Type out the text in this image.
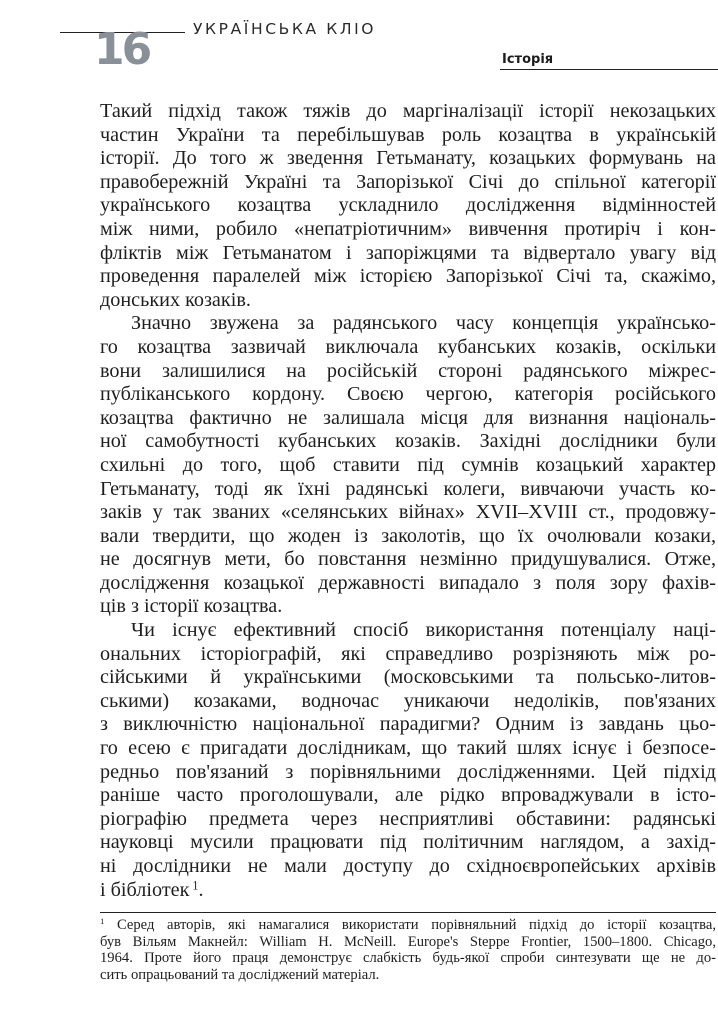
УКРАЇНСЬКА КЛІО
16	Історія
Такий підхід також тяжів до маргіналізації історії некозацьких
частин України та перебільшував роль козацтва в українській
історії. До того ж зведення Гетьманату, козацьких формувань на
правобережній Україні та Запорізької Січі до спільної категорії
українського козацтва ускладнило дослідження відмінностей
між ними, робило «непатріотичним» вивчення протиріч і кон-
фліктів між Гетьманатом і запоріжцями та відвертало увагу від
проведення паралелей між історією Запорізької Січі та, скажімо,
донських козаків.
Значно звужена за радянського часу концепція українсько-
го козацтва зазвичай виключала кубанських козаків, оскільки
вони залишилися на російській стороні радянського міжрес-
публіканського кордону. Своєю чергою, категорія російського
козацтва фактично не залишала місця для визнання національ-
ної самобутності кубанських козаків. Західні дослідники були
схильні до того, щоб ставити під сумнів козацький характер
Гетьманату, тоді як їхні радянські колеги, вивчаючи участь ко-
заків у так званих «селянських війнах» XVII–XVIII ст., продовжу-
вали твердити, що жоден із заколотів, що їх очолювали козаки,
не досягнув мети, бо повстання незмінно придушувалися. Отже,
дослідження козацької державності випадало з поля зору фахів-
ців з історії козацтва.
Чи існує ефективний спосіб використання потенціалу наці-
ональних історіографій, які справедливо розрізняють між ро-
сійськими й українськими (московськими та польсько-литов-
ськими) козаками, водночас уникаючи недоліків, пов'язаних
з виключністю національної парадигми? Одним із завдань цьо-
го есею є пригадати дослідникам, що такий шлях існує і безпосе-
редньо пов'язаний з порівняльними дослідженнями. Цей підхід
раніше часто проголошували, але рідко впроваджували в істо-
ріографію предмета через несприятливі обставини: радянські
науковці мусили працювати під політичним наглядом, а захід-
ні дослідники не мали доступу до східноєвропейських архівів
і бібліотек $^1$.
$^1$ Серед авторів, які намагалися використати порівняльний підхід до історії козацтва,
був Вільям Макнейл: William H. McNeill. Europe's Steppe Frontier, 1500–1800. Chicago,
1964. Проте його праця демонструє слабкість будь-якої спроби синтезувати ще не до-
сить опрацьований та досліджений матеріал.
